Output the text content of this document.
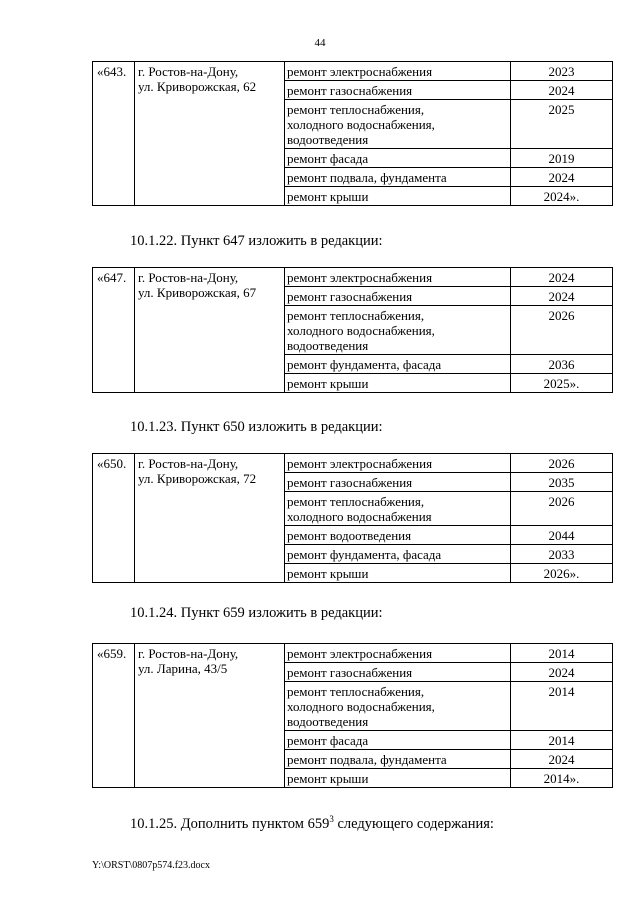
44
«643.	г. Ростов-на-Дону,
ул. Криворожская, 62	ремонт электроснабжения	2023

		ремонт газоснабжения	2024

		ремонт теплоснабжения,
холодного водоснабжения,
водоотведения	2025

		ремонт фасада	2019

		ремонт подвала, фундамента	2024

		ремонт крыши	2024».
10.1.22. Пункт 647 изложить в редакции:
«647.	г. Ростов-на-Дону,
ул. Криворожская, 67	ремонт электроснабжения	2024

		ремонт газоснабжения	2024

		ремонт теплоснабжения,
холодного водоснабжения,
водоотведения	2026

		ремонт фундамента, фасада	2036

		ремонт крыши	2025».
10.1.23. Пункт 650 изложить в редакции:
«650.	г. Ростов-на-Дону,
ул. Криворожская, 72	ремонт электроснабжения	2026

		ремонт газоснабжения	2035

		ремонт теплоснабжения,
холодного водоснабжения	2026

		ремонт водоотведения	2044

		ремонт фундамента, фасада	2033

		ремонт крыши	2026».
10.1.24. Пункт 659 изложить в редакции:
«659.	г. Ростов-на-Дону,
ул. Ларина, 43/5	ремонт электроснабжения	2014

		ремонт газоснабжения	2024

		ремонт теплоснабжения,
холодного водоснабжения,
водоотведения	2014

		ремонт фасада	2014

		ремонт подвала, фундамента	2024

		ремонт крыши	2014».
10.1.25. Дополнить пунктом $659^3$ следующего содержания:
Y:\ORST\0807p574.f23.docx
